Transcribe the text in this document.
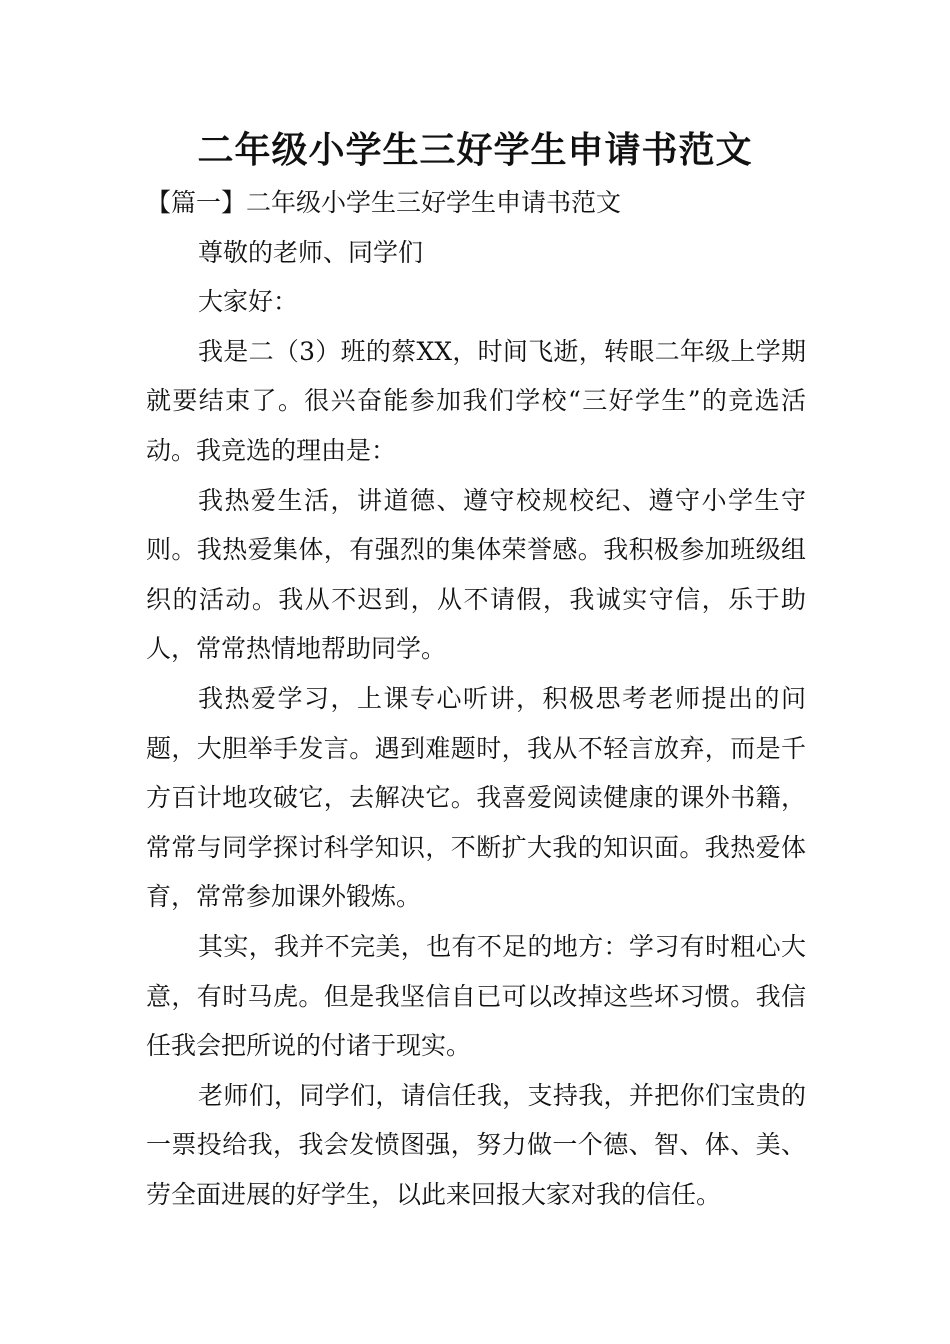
二年级小学生三好学生申请书范文

【篇一】二年级小学生三好学生申请书范文

尊敬的老师、同学们

大家好：

我是二（3）班的蔡XX，时间飞逝，转眼二年级上学期就要结束了。很兴奋能参加我们学校“三好学生”的竞选活动。我竞选的理由是：

我热爱生活，讲道德、遵守校规校纪、遵守小学生守则。我热爱集体，有强烈的集体荣誉感。我积极参加班级组织的活动。我从不迟到，从不请假，我诚实守信，乐于助人，常常热情地帮助同学。

我热爱学习，上课专心听讲，积极思考老师提出的问题，大胆举手发言。遇到难题时，我从不轻言放弃，而是千方百计地攻破它，去解决它。我喜爱阅读健康的课外书籍，常常与同学探讨科学知识，不断扩大我的知识面。我热爱体育，常常参加课外锻炼。

其实，我并不完美，也有不足的地方：学习有时粗心大意，有时马虎。但是我坚信自已可以改掉这些坏习惯。我信任我会把所说的付诸于现实。

老师们，同学们，请信任我，支持我，并把你们宝贵的一票投给我，我会发愤图强，努力做一个德、智、体、美、劳全面进展的好学生，以此来回报大家对我的信任。
